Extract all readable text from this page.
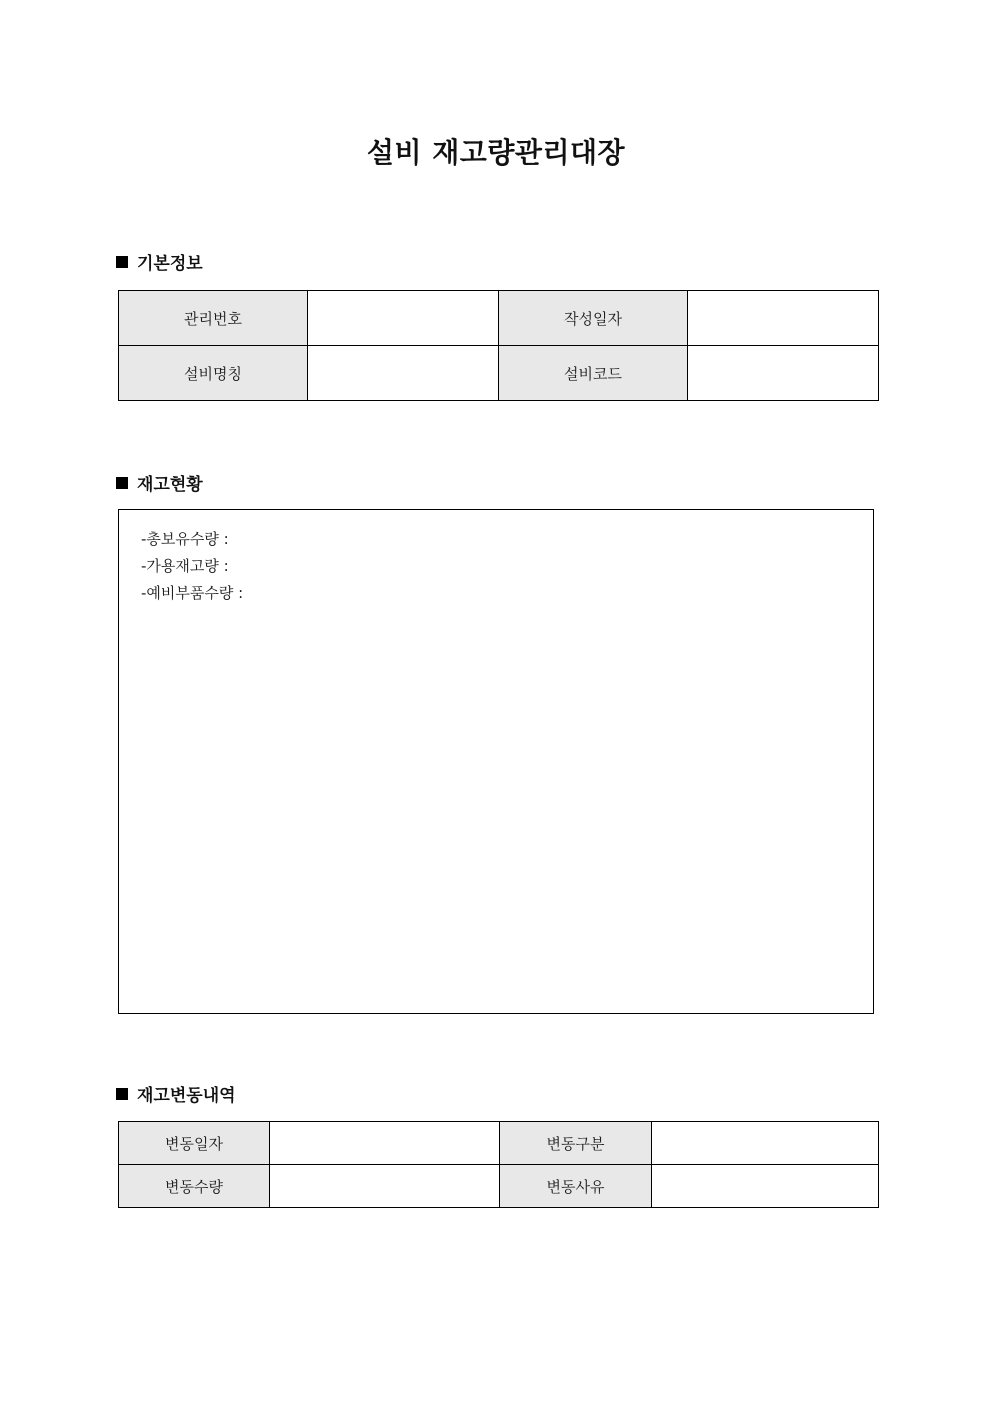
설비 재고량관리대장
기본정보
관리번호		작성일자	
설비명칭		설비코드	
재고현황
-총보유수량 :
-가용재고량 :
-예비부품수량 :
재고변동내역
변동일자		변동구분	
변동수량		변동사유	
